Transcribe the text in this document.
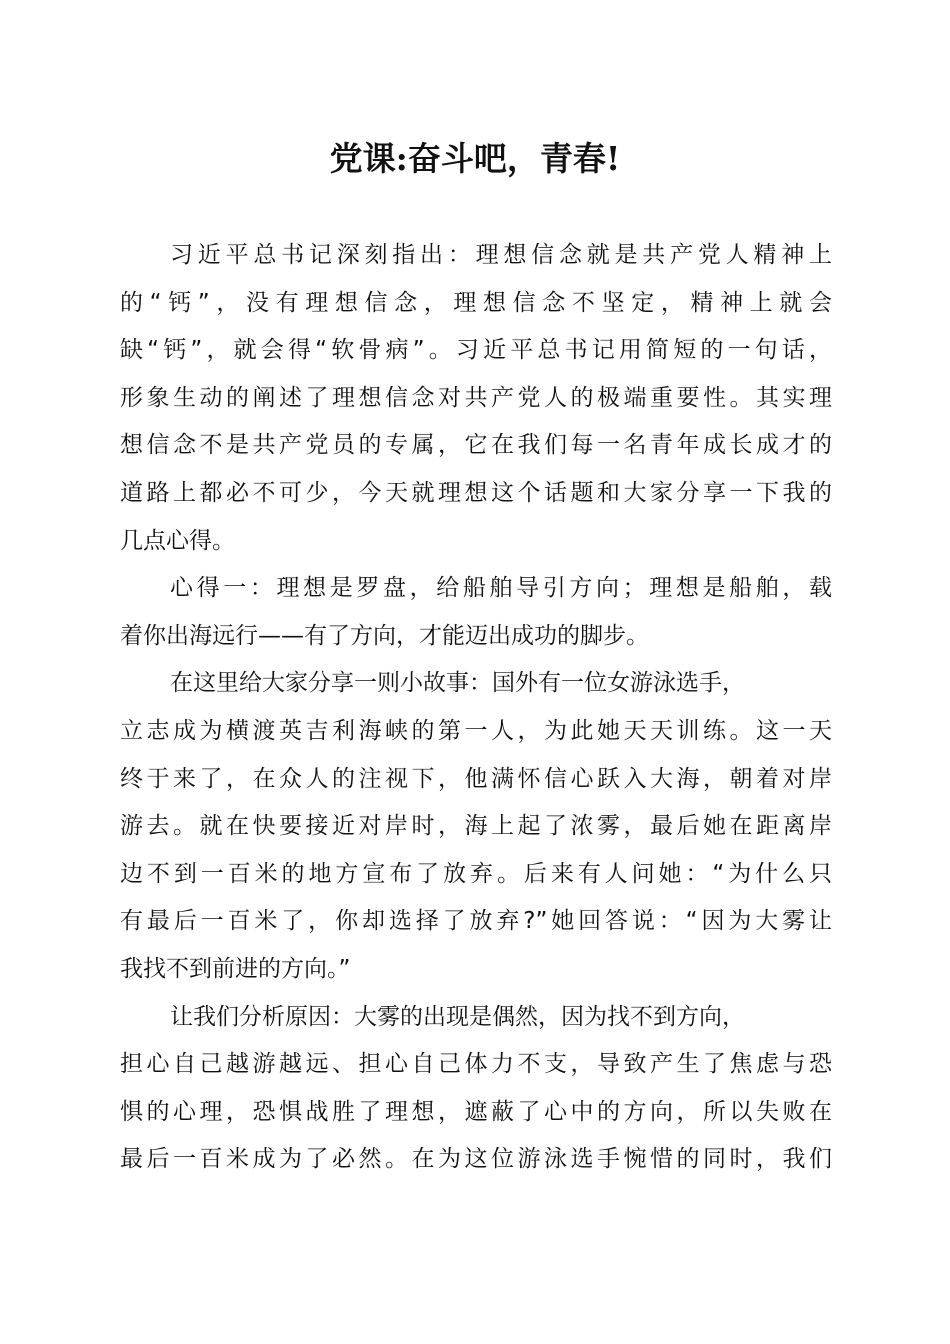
党课:奋斗吧，青春!
习近平总书记深刻指出：理想信念就是共产党人精神上
的“钙”，没有理想信念，理想信念不坚定，精神上就会
缺“钙”，就会得“软骨病”。习近平总书记用简短的一句话，
形象生动的阐述了理想信念对共产党人的极端重要性。其实理
想信念不是共产党员的专属，它在我们每一名青年成长成才的
道路上都必不可少，今天就理想这个话题和大家分享一下我的
几点心得。
心得一：理想是罗盘，给船舶导引方向；理想是船舶，载
着你出海远行——有了方向，才能迈出成功的脚步。
在这里给大家分享一则小故事：国外有一位女游泳选手，
立志成为横渡英吉利海峡的第一人，为此她天天训练。这一天
终于来了，在众人的注视下，他满怀信心跃入大海，朝着对岸
游去。就在快要接近对岸时，海上起了浓雾，最后她在距离岸
边不到一百米的地方宣布了放弃。后来有人问她：“为什么只
有最后一百米了，你却选择了放弃?”她回答说：“因为大雾让
我找不到前进的方向。”
让我们分析原因：大雾的出现是偶然，因为找不到方向，
担心自己越游越远、担心自己体力不支，导致产生了焦虑与恐
惧的心理，恐惧战胜了理想，遮蔽了心中的方向，所以失败在
最后一百米成为了必然。在为这位游泳选手惋惜的同时，我们
